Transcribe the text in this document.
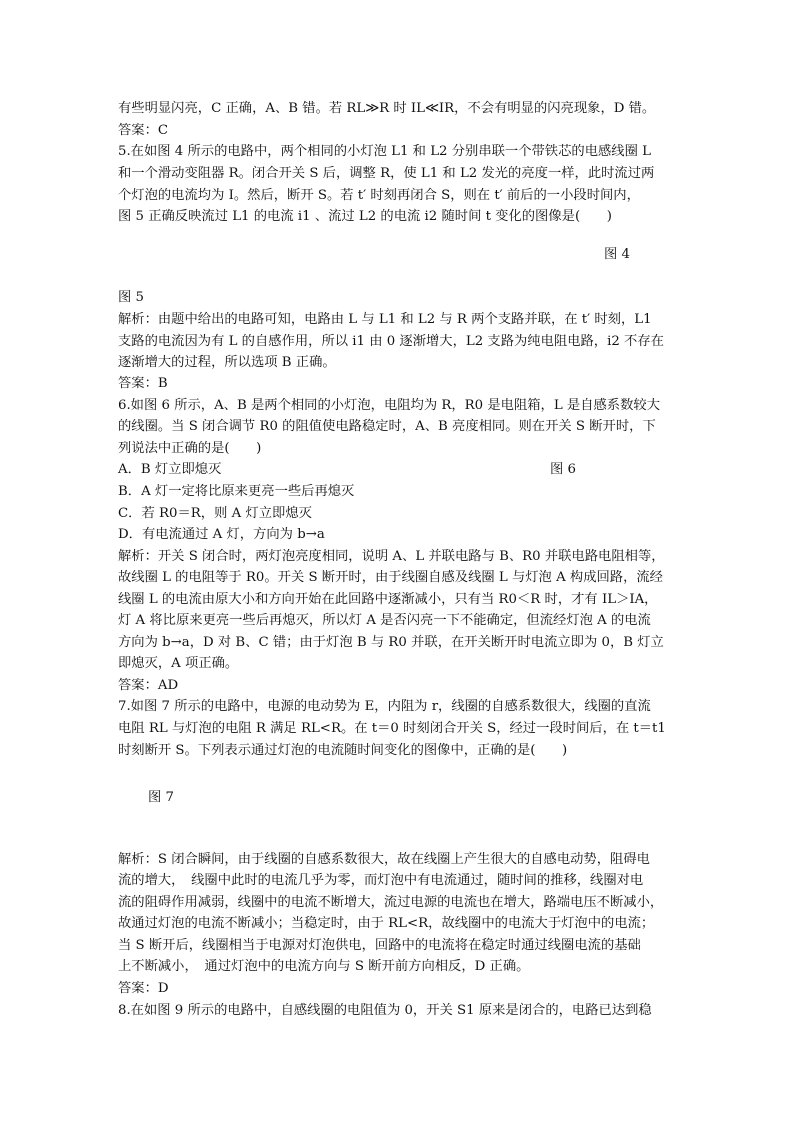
有些明显闪亮，C 正确，A、B 错。若 RL≫R 时 IL≪IR，不会有明显的闪亮现象，D 错。
答案：C
5.在如图 4 所示的电路中，两个相同的小灯泡 L1 和 L2 分别串联一个带铁芯的电感线圈 L
和一个滑动变阻器 R。闭合开关 S 后，调整 R，使 L1 和 L2 发光的亮度一样，此时流过两
个灯泡的电流均为 I。然后，断开 S。若 t′ 时刻再闭合 S，则在 t′ 前后的一小段时间内，
图 5 正确反映流过 L1 的电流 i1 、流过 L2 的电流 i2 随时间 t 变化的图像是(　　)
图 4
图 5
解析：由题中给出的电路可知，电路由 L 与 L1 和 L2 与 R 两个支路并联，在 t′ 时刻，L1
支路的电流因为有 L 的自感作用，所以 i1 由 0 逐渐增大，L2 支路为纯电阻电路，i2 不存在
逐渐增大的过程，所以选项 B 正确。
答案：B
6.如图 6 所示，A、B 是两个相同的小灯泡，电阻均为 R，R0 是电阻箱，L 是自感系数较大
的线圈。当 S 闭合调节 R0 的阻值使电路稳定时，A、B 亮度相同。则在开关 S 断开时，下
列说法中正确的是(　　)
A．B 灯立即熄灭	图 6
B．A 灯一定将比原来更亮一些后再熄灭
C．若 R0＝R，则 A 灯立即熄灭
D．有电流通过 A 灯，方向为 b→a
解析：开关 S 闭合时，两灯泡亮度相同，说明 A、L 并联电路与 B、R0 并联电路电阻相等，
故线圈 L 的电阻等于 R0。开关 S 断开时，由于线圈自感及线圈 L 与灯泡 A 构成回路，流经
线圈 L 的电流由原大小和方向开始在此回路中逐渐减小，只有当 R0＜R 时，才有 IL＞IA，
灯 A 将比原来更亮一些后再熄灭，所以灯 A 是否闪亮一下不能确定，但流经灯泡 A 的电流
方向为 b→a，D 对 B、C 错；由于灯泡 B 与 R0 并联，在开关断开时电流立即为 0，B 灯立
即熄灭，A 项正确。
答案：AD
7.如图 7 所示的电路中，电源的电动势为 E，内阻为 r，线圈的自感系数很大，线圈的直流
电阻 RL 与灯泡的电阻 R 满足 RL<R。在 t＝0 时刻闭合开关 S，经过一段时间后，在 t＝t1
时刻断开 S。下列表示通过灯泡的电流随时间变化的图像中，正确的是(　　)
图 7
解析：S 闭合瞬间，由于线圈的自感系数很大，故在线圈上产生很大的自感电动势，阻碍电
流的增大，　线圈中此时的电流几乎为零，而灯泡中有电流通过，随时间的推移，线圈对电
流的阻碍作用减弱，线圈中的电流不断增大，流过电源的电流也在增大，路端电压不断减小，
故通过灯泡的电流不断减小；当稳定时，由于 RL<R，故线圈中的电流大于灯泡中的电流；
当 S 断开后，线圈相当于电源对灯泡供电，回路中的电流将在稳定时通过线圈电流的基础
上不断减小，　通过灯泡中的电流方向与 S 断开前方向相反，D 正确。
答案：D
8.在如图 9 所示的电路中，自感线圈的电阻值为 0，开关 S1 原来是闭合的，电路已达到稳
